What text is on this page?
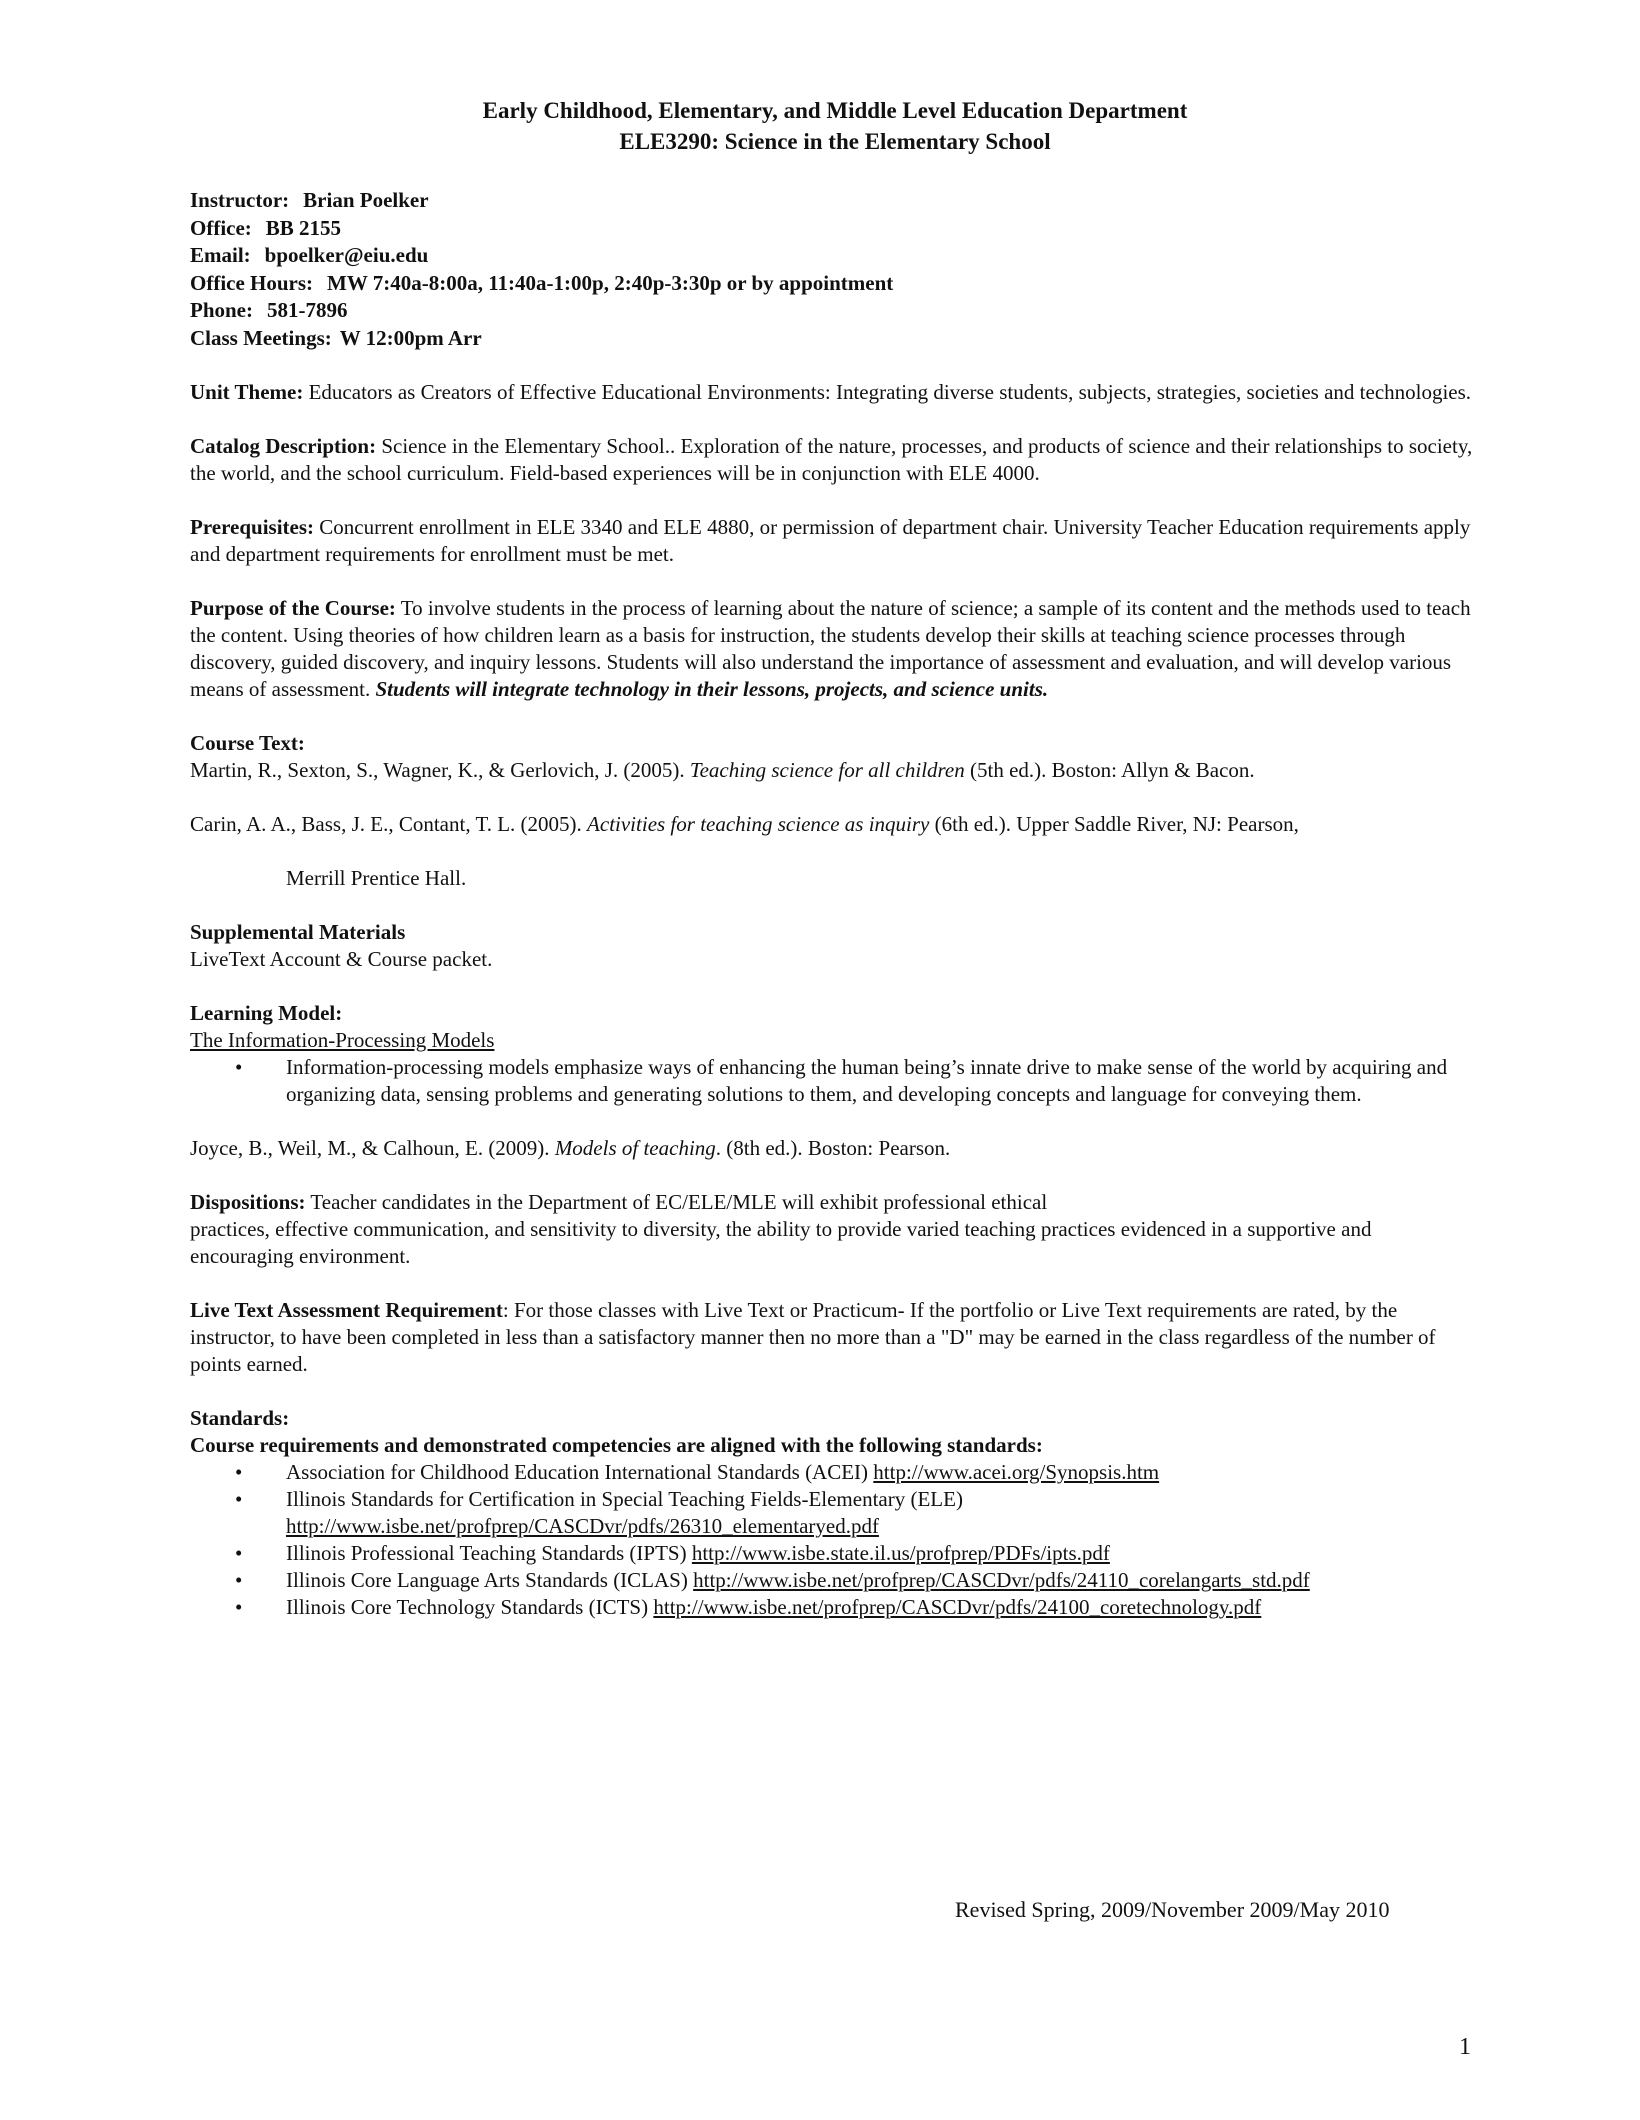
Early Childhood, Elementary, and Middle Level Education Department
ELE3290: Science in the Elementary School
Instructor: Brian Poelker
Office: BB 2155
Email: bpoelker@eiu.edu
Office Hours: MW 7:40a-8:00a, 11:40a-1:00p, 2:40p-3:30p or by appointment
Phone: 581-7896
Class Meetings: W 12:00pm Arr
Unit Theme: Educators as Creators of Effective Educational Environments: Integrating diverse students, subjects, strategies, societies and technologies.
Catalog Description: Science in the Elementary School.. Exploration of the nature, processes, and products of science and their relationships to society, the world, and the school curriculum. Field-based experiences will be in conjunction with ELE 4000.
Prerequisites: Concurrent enrollment in ELE 3340 and ELE 4880, or permission of department chair. University Teacher Education requirements apply and department requirements for enrollment must be met.
Purpose of the Course: To involve students in the process of learning about the nature of science; a sample of its content and the methods used to teach the content. Using theories of how children learn as a basis for instruction, the students develop their skills at teaching science processes through discovery, guided discovery, and inquiry lessons. Students will also understand the importance of assessment and evaluation, and will develop various means of assessment. Students will integrate technology in their lessons, projects, and science units.
Course Text:
Martin, R., Sexton, S., Wagner, K., & Gerlovich, J. (2005). Teaching science for all children (5th ed.). Boston: Allyn & Bacon.
Carin, A. A., Bass, J. E., Contant, T. L. (2005). Activities for teaching science as inquiry (6th ed.). Upper Saddle River, NJ: Pearson,
Merrill Prentice Hall.
Supplemental Materials
LiveText Account & Course packet.
Learning Model:
The Information-Processing Models
• Information-processing models emphasize ways of enhancing the human being’s innate drive to make sense of the world by acquiring and organizing data, sensing problems and generating solutions to them, and developing concepts and language for conveying them.
Joyce, B., Weil, M., & Calhoun, E. (2009). Models of teaching. (8th ed.). Boston: Pearson.
Dispositions: Teacher candidates in the Department of EC/ELE/MLE will exhibit professional ethical
practices, effective communication, and sensitivity to diversity, the ability to provide varied teaching practices evidenced in a supportive and encouraging environment.
Live Text Assessment Requirement: For those classes with Live Text or Practicum- If the portfolio or Live Text requirements are rated, by the instructor, to have been completed in less than a satisfactory manner then no more than a "D" may be earned in the class regardless of the number of points earned.
Standards:
Course requirements and demonstrated competencies are aligned with the following standards:
• Association for Childhood Education International Standards (ACEI) http://www.acei.org/Synopsis.htm
• Illinois Standards for Certification in Special Teaching Fields-Elementary (ELE)
http://www.isbe.net/profprep/CASCDvr/pdfs/26310_elementaryed.pdf
• Illinois Professional Teaching Standards (IPTS) http://www.isbe.state.il.us/profprep/PDFs/ipts.pdf
• Illinois Core Language Arts Standards (ICLAS) http://www.isbe.net/profprep/CASCDvr/pdfs/24110_corelangarts_std.pdf
• Illinois Core Technology Standards (ICTS) http://www.isbe.net/profprep/CASCDvr/pdfs/24100_coretechnology.pdf
Revised Spring, 2009/November 2009/May 2010
1
